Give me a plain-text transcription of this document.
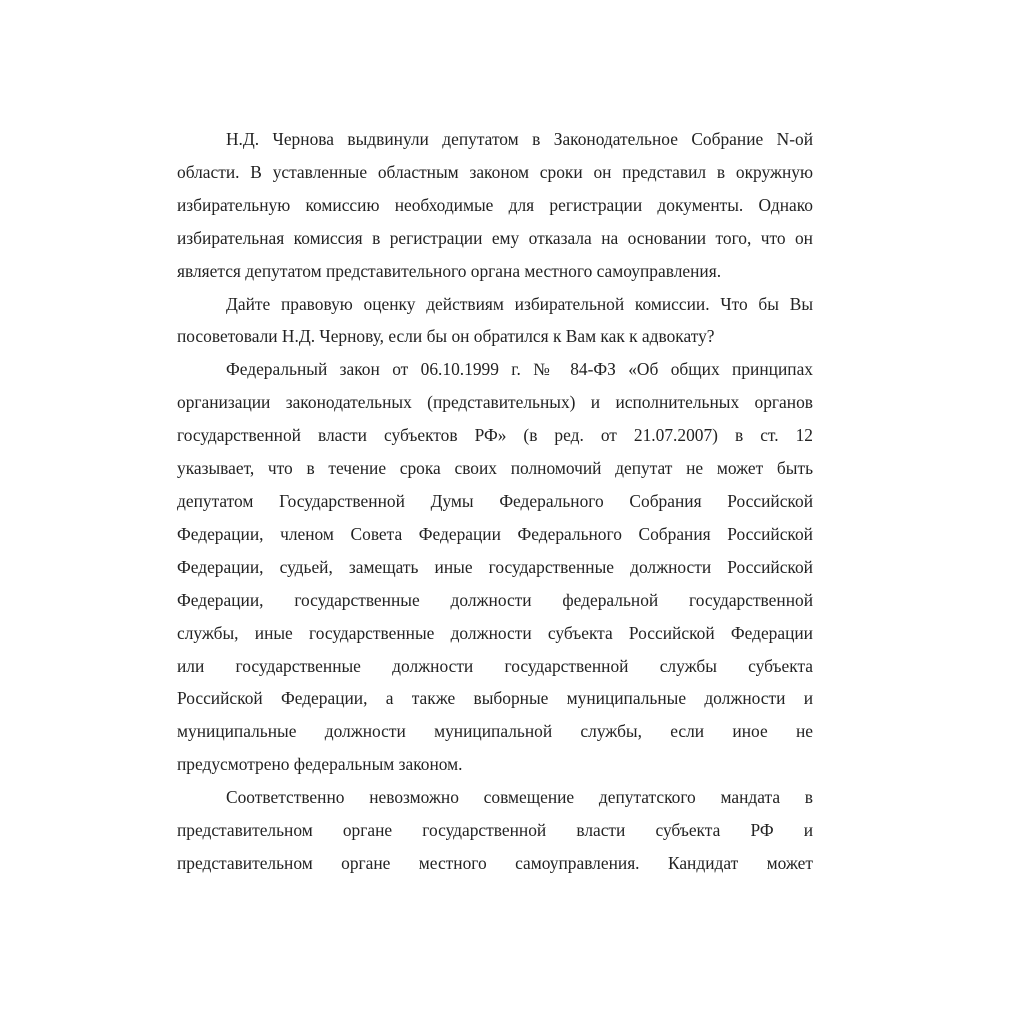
Н.Д. Чернова выдвинули депутатом в Законодательное Собрание N-ой
области. В уставленные областным законом сроки он представил в окружную
избирательную комиссию необходимые для регистрации документы. Однако
избирательная комиссия в регистрации ему отказала на основании того, что он
является депутатом представительного органа местного самоуправления.
Дайте правовую оценку действиям избирательной комиссии. Что бы Вы
посоветовали Н.Д. Чернову, если бы он обратился к Вам как к адвокату?
Федеральный закон от 06.10.1999 г. № 84-ФЗ «Об общих принципах
организации законодательных (представительных) и исполнительных органов
государственной власти субъектов РФ» (в ред. от 21.07.2007) в ст. 12
указывает, что в течение срока своих полномочий депутат не может быть
депутатом Государственной Думы Федерального Собрания Российской
Федерации, членом Совета Федерации Федерального Собрания Российской
Федерации, судьей, замещать иные государственные должности Российской
Федерации, государственные должности федеральной государственной
службы, иные государственные должности субъекта Российской Федерации
или государственные должности государственной службы субъекта
Российской Федерации, а также выборные муниципальные должности и
муниципальные должности муниципальной службы, если иное не
предусмотрено федеральным законом.
Соответственно невозможно совмещение депутатского мандата в
представительном органе государственной власти субъекта РФ и
представительном органе местного самоуправления. Кандидат может
